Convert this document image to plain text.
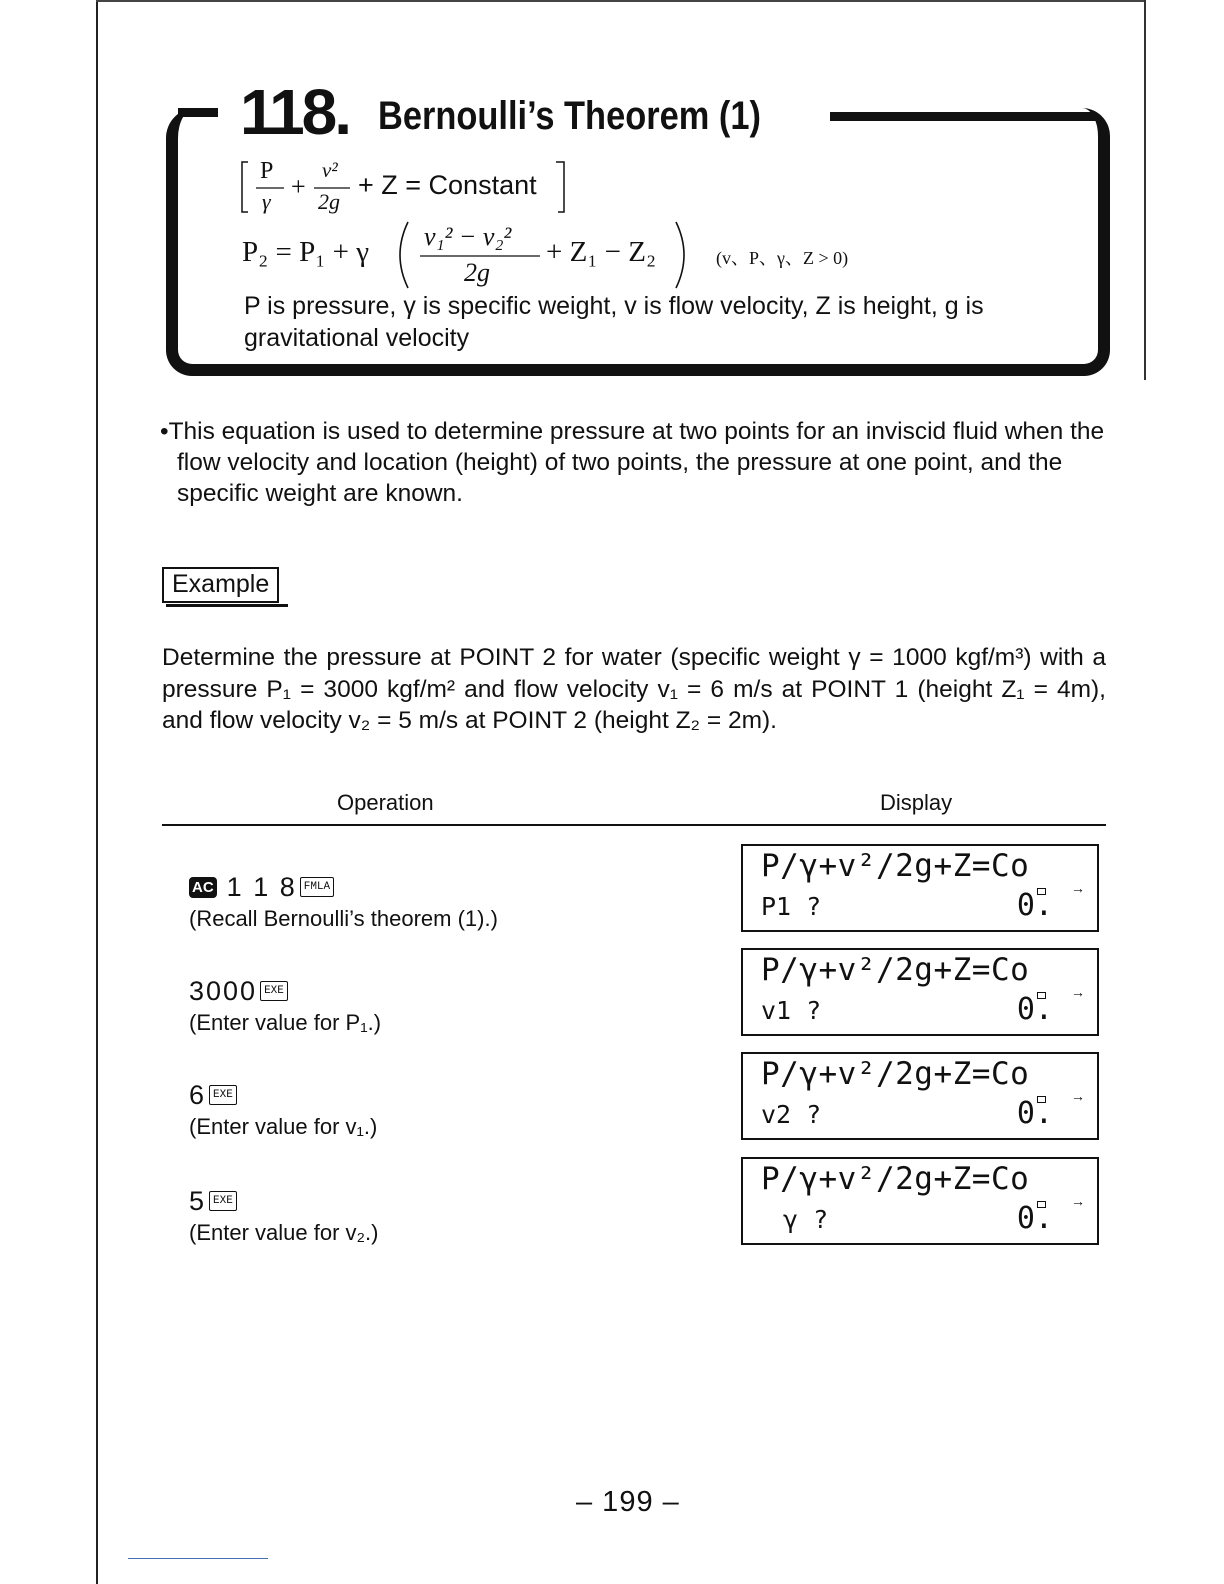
118. Bernoulli’s Theorem (1)
P
γ
+
v²
2g
+ Z = Constant
P₂ = P₁ + γ v₁² − v₂²
2g
+ Z₁ − Z₂	(v、P、γ、Z > 0)
P is pressure, γ is specific weight, v is flow velocity, Z is height, g is gravitational velocity
•This equation is used to determine pressure at two points for an inviscid fluid when the flow velocity and location (height) of two points, the pressure at one point, and the specific weight are known.
Example
Determine the pressure at POINT 2 for water (specific weight γ = 1000 kgf/m³) with a pressure P₁ = 3000 kgf/m² and flow velocity v₁ = 6 m/s at POINT 1 (height Z₁ = 4m), and flow velocity v₂ = 5 m/s at POINT 2 (height Z₂ = 2m).
Operation	Display
AC 1 1 8 FMLA
(Recall Bernoulli’s theorem (1).)
P/γ+v²/2g+Z=Co
→
P1 ?	0.
3000 EXE
(Enter value for P₁.)
P/γ+v²/2g+Z=Co
→
v1 ?	0.
6 EXE
(Enter value for v₁.)
P/γ+v²/2g+Z=Co
→
v2 ?	0.
5 EXE
(Enter value for v₂.)
P/γ+v²/2g+Z=Co
→
γ ?	0.
– 199 –
